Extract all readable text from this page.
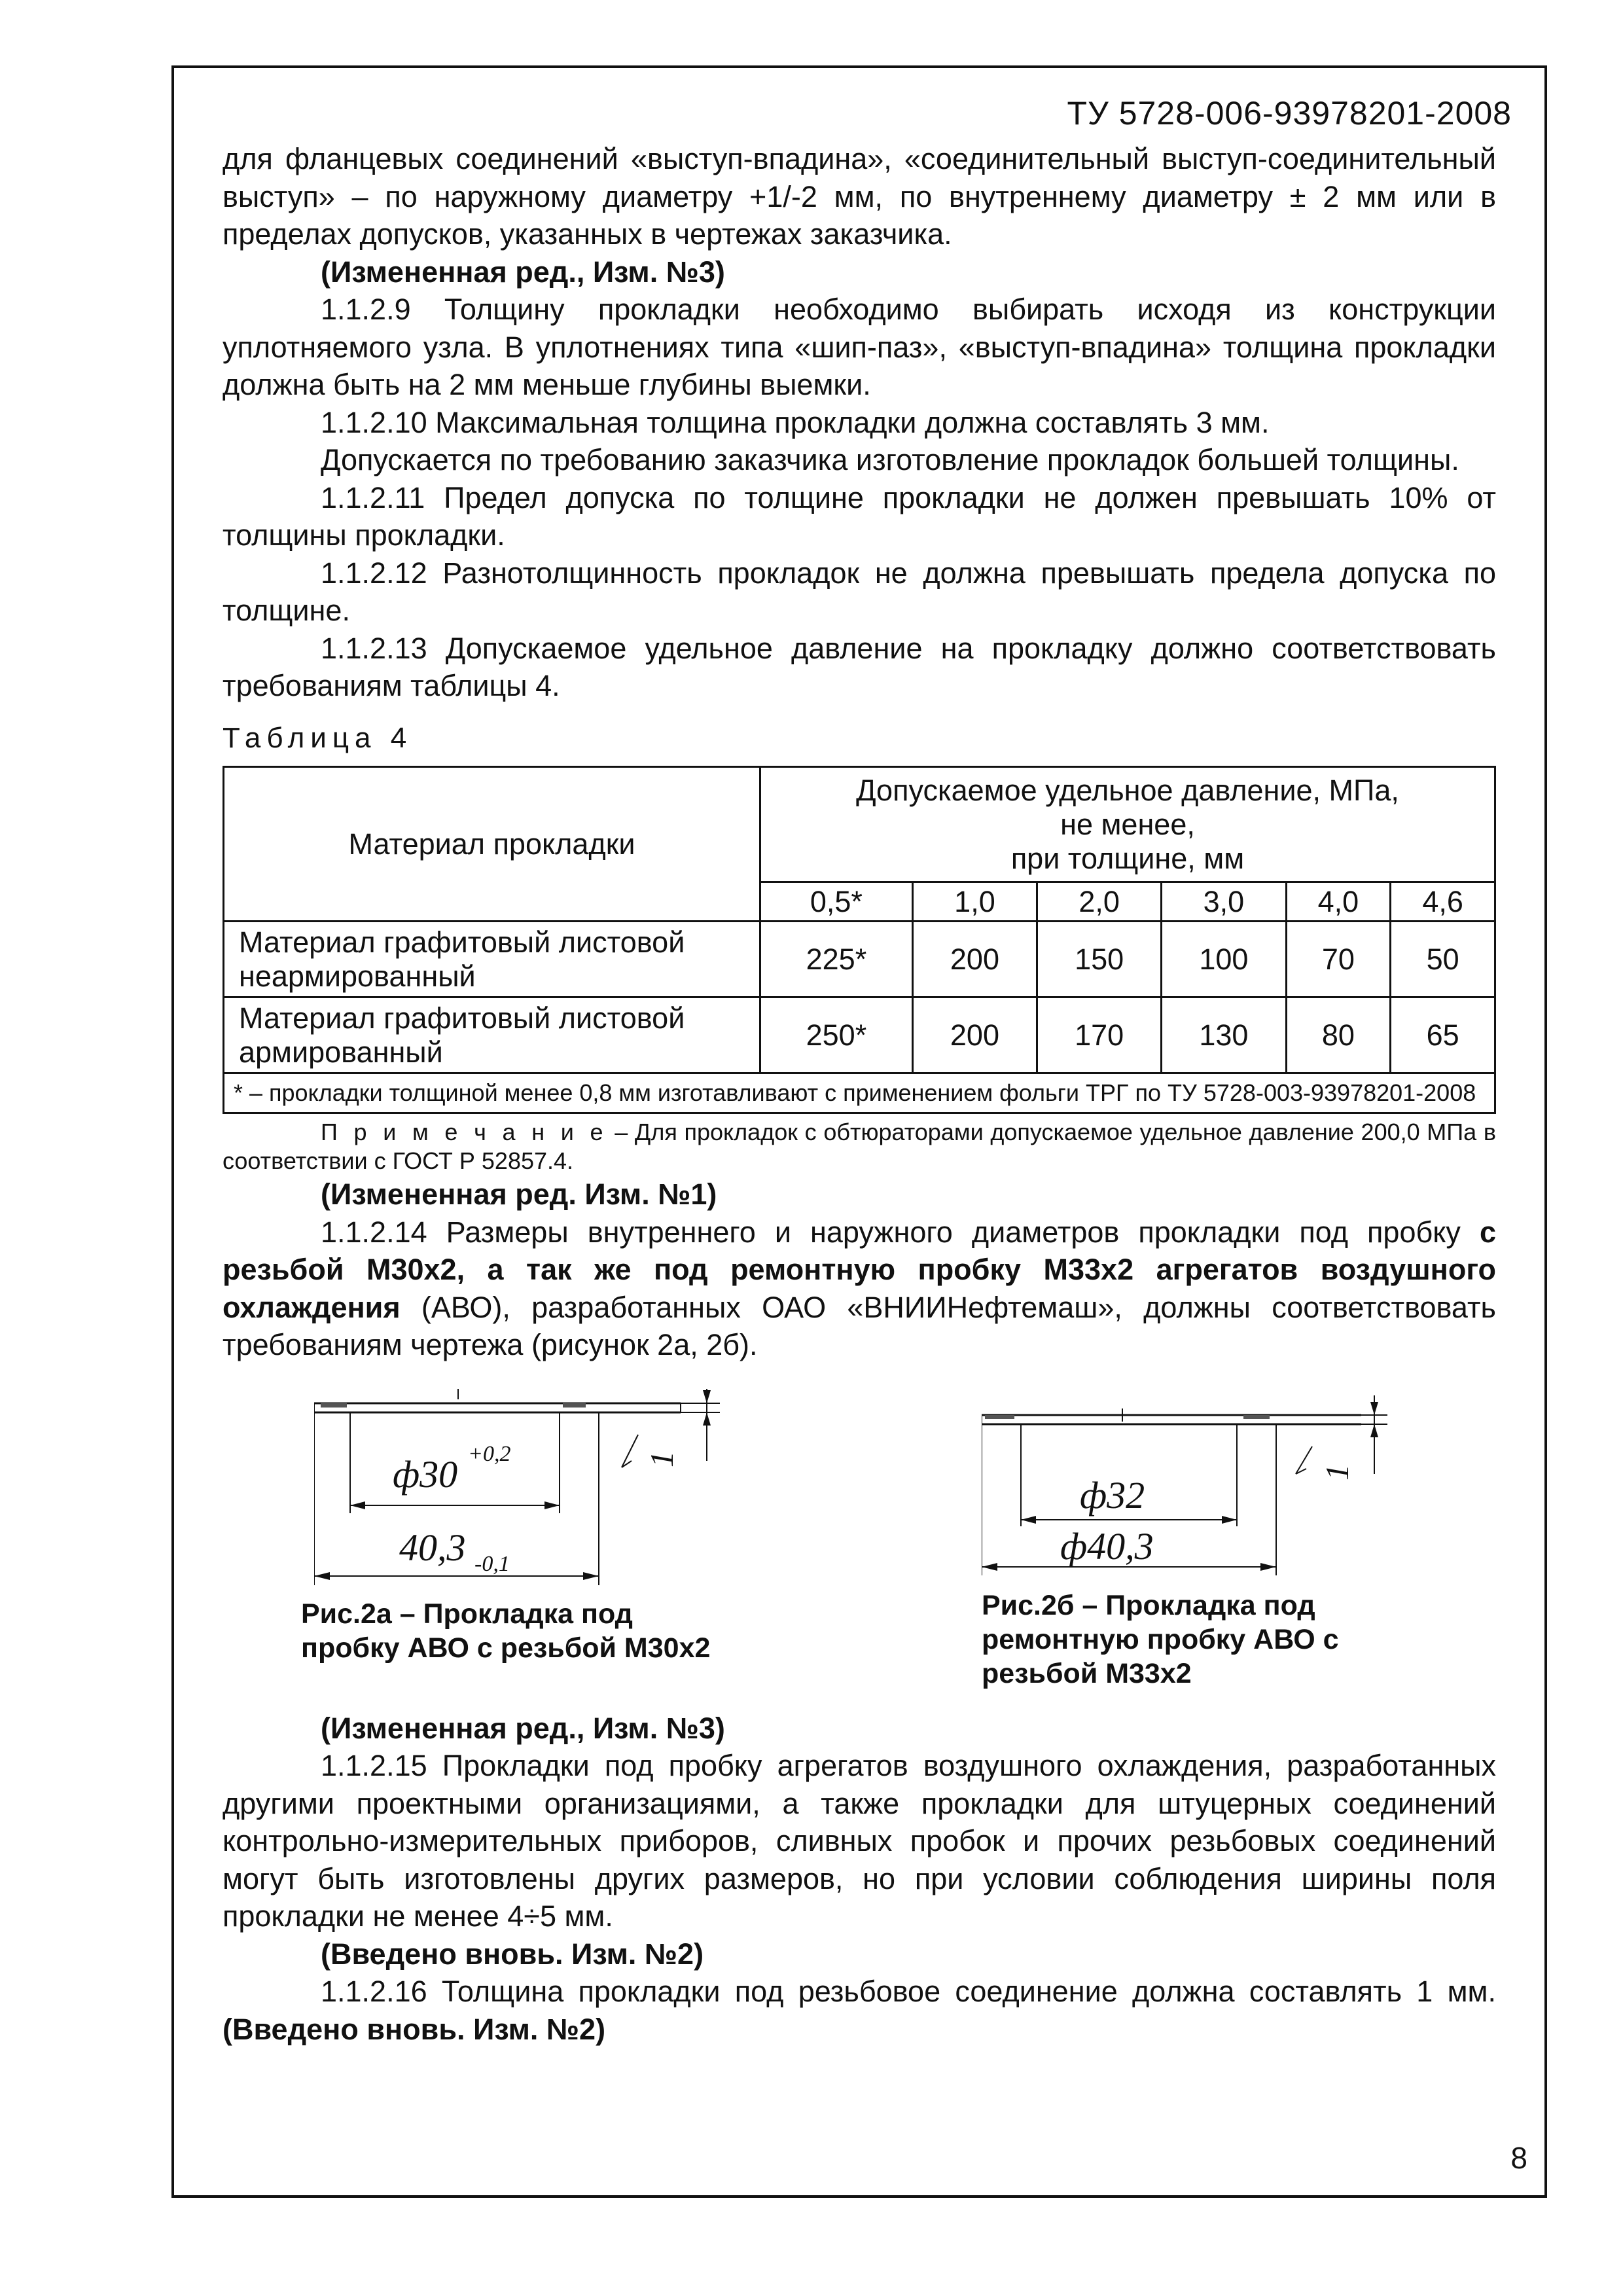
ТУ 5728-006-93978201-2008

для фланцевых соединений «выступ-впадина», «соединительный выступ-соединительный выступ» – по наружному диаметру +1/-2 мм, по внутреннему диаметру ± 2 мм или в пределах допусков, указанных в чертежах заказчика.

(Измененная ред., Изм. №3)

1.1.2.9 Толщину прокладки необходимо выбирать исходя из конструкции уплотняемого узла. В уплотнениях типа «шип-паз», «выступ-впадина» толщина прокладки должна быть на 2 мм меньше глубины выемки.

1.1.2.10 Максимальная толщина прокладки должна составлять 3 мм.

Допускается по требованию заказчика изготовление прокладок большей толщины.

1.1.2.11 Предел допуска по толщине прокладки не должен превышать 10% от толщины прокладки.

1.1.2.12 Разнотолщинность прокладок не должна превышать предела допуска по толщине.

1.1.2.13 Допускаемое удельное давление на прокладку должно соответствовать требованиям таблицы 4.

Таблица 4
Материал прокладки	Допускаемое удельное давление, МПа,
не менее,
при толщине, мм					

	0,5*	1,0	2,0	3,0	4,0	4,6
Материал графитовый листовой неармированный	225*	200	150	100	70	50
Материал графитовый листовой армированный	250*	200	170	130	80	65
* – прокладки толщиной менее 0,8 мм изготавливают с применением фольги ТРГ по ТУ 5728-003-93978201-2008						

П р и м е ч а н и е – Для прокладок с обтюраторами допускаемое удельное давление 200,0 МПа в соответствии с ГОСТ Р 52857.4.

(Измененная ред. Изм. №1)

1.1.2.14 Размеры внутреннего и наружного диаметров прокладки под пробку с резьбой М30х2, а так же под ремонтную пробку М33х2 агрегатов воздушного охлаждения (АВО), разработанных ОАО «ВНИИНефтемаш», должны соответствовать требованиям чертежа (рисунок 2а, 2б).

ф30 +0,2
40,3 -0,1
1
Рис.2а – Прокладка под
пробку АВО с резьбой М30х2
ф32
ф40,3
1
Рис.2б – Прокладка под
ремонтную пробку АВО с
резьбой М33х2

(Измененная ред., Изм. №3)

1.1.2.15 Прокладки под пробку агрегатов воздушного охлаждения, разработанных другими проектными организациями, а также прокладки для штуцерных соединений контрольно-измерительных приборов, сливных пробок и прочих резьбовых соединений могут быть изготовлены других размеров, но при условии соблюдения ширины поля прокладки не менее 4÷5 мм.

(Введено вновь. Изм. №2)

1.1.2.16 Толщина прокладки под резьбовое соединение должна составлять 1 мм. (Введено вновь. Изм. №2)

8
